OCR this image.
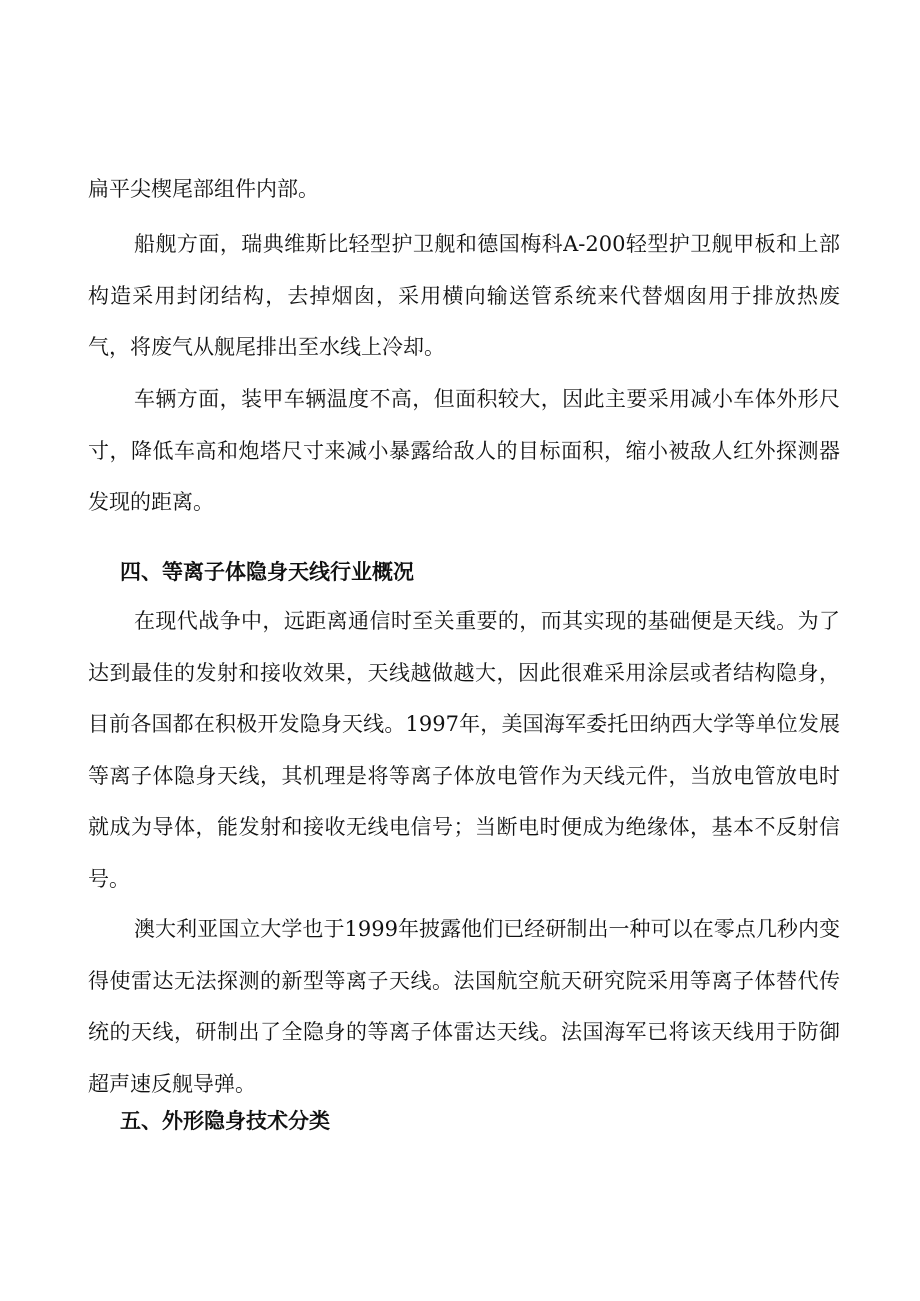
扁平尖楔尾部组件内部。

船舰方面，瑞典维斯比轻型护卫舰和德国梅科A-200轻型护卫舰甲板和上部构造采用封闭结构，去掉烟囱，采用横向输送管系统来代替烟囱用于排放热废气，将废气从舰尾排出至水线上冷却。

车辆方面，装甲车辆温度不高，但面积较大，因此主要采用减小车体外形尺寸，降低车高和炮塔尺寸来减小暴露给敌人的目标面积，缩小被敌人红外探测器发现的距离。

四、等离子体隐身天线行业概况

在现代战争中，远距离通信时至关重要的，而其实现的基础便是天线。为了达到最佳的发射和接收效果，天线越做越大，因此很难采用涂层或者结构隐身，目前各国都在积极开发隐身天线。1997年，美国海军委托田纳西大学等单位发展等离子体隐身天线，其机理是将等离子体放电管作为天线元件，当放电管放电时就成为导体，能发射和接收无线电信号；当断电时便成为绝缘体，基本不反射信号。

澳大利亚国立大学也于1999年披露他们已经研制出一种可以在零点几秒内变得使雷达无法探测的新型等离子天线。法国航空航天研究院采用等离子体替代传统的天线，研制出了全隐身的等离子体雷达天线。法国海军已将该天线用于防御超声速反舰导弹。

五、外形隐身技术分类
